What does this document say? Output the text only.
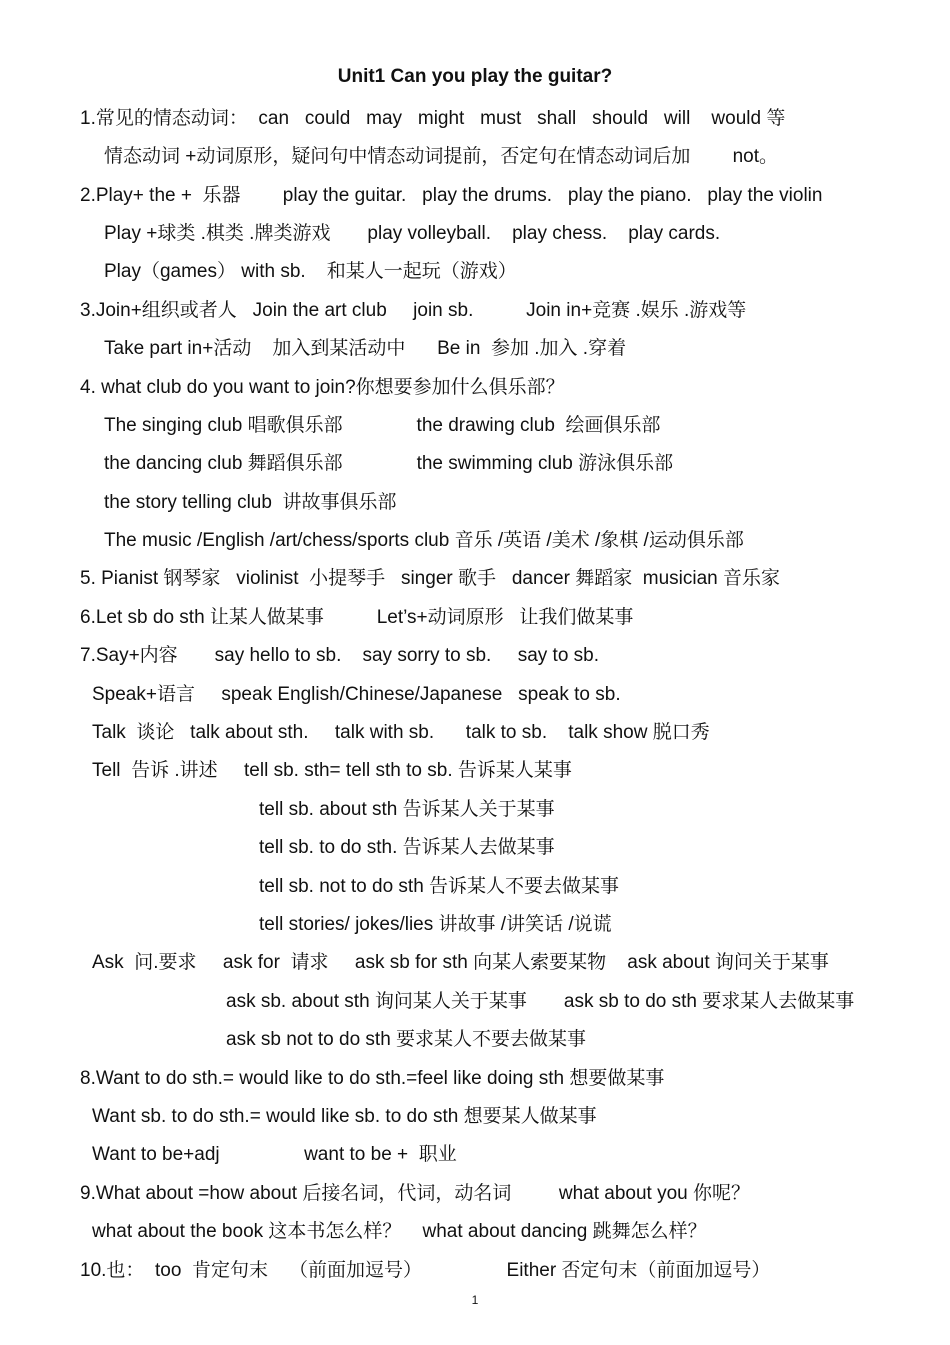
Unit1 Can you play the guitar?
1.常见的情态动词：  can   could   may   might   must   shall   should   will    would 等
情态动词 +动词原形，疑问句中情态动词提前，否定句在情态动词后加        not。
2.Play+ the +  乐器        play the guitar.   play the drums.   play the piano.   play the violin
Play +球类 .棋类 .牌类游戏       play volleyball.    play chess.    play cards.
Play（games） with sb.    和某人一起玩（游戏）
3.Join+组织或者人   Join the art club     join sb.          Join in+竞赛 .娱乐 .游戏等
Take part in+活动    加入到某活动中      Be in  参加 .加入 .穿着
4. what club do you want to join?你想要参加什么俱乐部？
The singing club 唱歌俱乐部              the drawing club  绘画俱乐部
the dancing club 舞蹈俱乐部              the swimming club 游泳俱乐部
the story telling club  讲故事俱乐部
The music /English /art/chess/sports club 音乐 /英语 /美术 /象棋 /运动俱乐部
5. Pianist 钢琴家   violinist  小提琴手   singer 歌手   dancer 舞蹈家  musician 音乐家
6.Let sb do sth 让某人做某事          Let’s+动词原形   让我们做某事
7.Say+内容       say hello to sb.    say sorry to sb.     say to sb.
Speak+语言     speak English/Chinese/Japanese   speak to sb.
Talk  谈论   talk about sth.     talk with sb.      talk to sb.    talk show 脱口秀
Tell  告诉 .讲述     tell sb. sth= tell sth to sb. 告诉某人某事
tell sb. about sth 告诉某人关于某事
tell sb. to do sth. 告诉某人去做某事
tell sb. not to do sth 告诉某人不要去做某事
tell stories/ jokes/lies 讲故事 /讲笑话 /说谎
Ask  问.要求     ask for  请求     ask sb for sth 向某人索要某物    ask about 询问关于某事
ask sb. about sth 询问某人关于某事       ask sb to do sth 要求某人去做某事
ask sb not to do sth 要求某人不要去做某事
8.Want to do sth.= would like to do sth.=feel like doing sth 想要做某事
Want sb. to do sth.= would like sb. to do sth 想要某人做某事
Want to be+adj                want to be +  职业
9.What about =how about 后接名词，代词，动名词         what about you 你呢？
what about the book 这本书怎么样？    what about dancing 跳舞怎么样？
10.也：  too  肯定句末    （前面加逗号）                Either 否定句末（前面加逗号）
1
